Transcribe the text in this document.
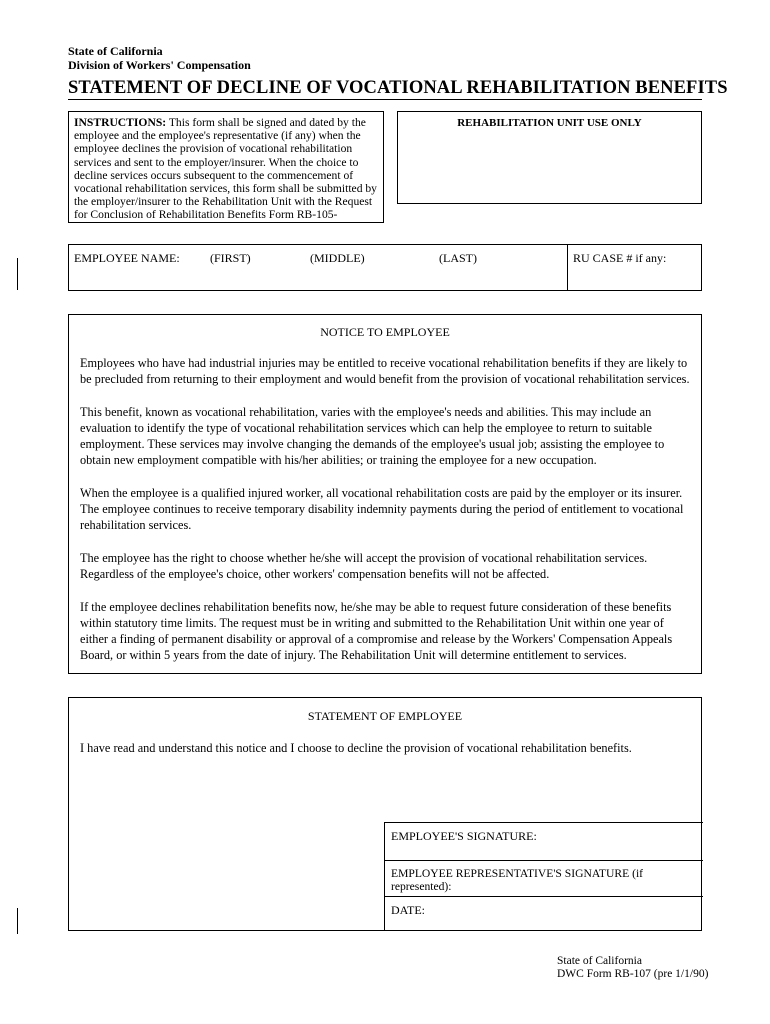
State of California
Division of Workers' Compensation
STATEMENT OF DECLINE OF VOCATIONAL REHABILITATION BENEFITS
INSTRUCTIONS: This form shall be signed and dated by the employee and the employee's representative (if any) when the employee declines the provision of vocational rehabilitation services and sent to the employer/insurer. When the choice to decline services occurs subsequent to the commencement of vocational rehabilitation services, this form shall be submitted by the employer/insurer to the Rehabilitation Unit with the Request for Conclusion of Rehabilitation Benefits Form RB-105-
REHABILITATION UNIT USE ONLY
EMPLOYEE NAME:	(FIRST)	(MIDDLE)	(LAST)	RU CASE # if any:
NOTICE TO EMPLOYEE

Employees who have had industrial injuries may be entitled to receive vocational rehabilitation benefits if they are likely to be precluded from returning to their employment and would benefit from the provision of vocational rehabilitation services.

This benefit, known as vocational rehabilitation, varies with the employee's needs and abilities. This may include an evaluation to identify the type of vocational rehabilitation services which can help the employee to return to suitable employment. These services may involve changing the demands of the employee's usual job; assisting the employee to obtain new employment compatible with his/her abilities; or training the employee for a new occupation.

When the employee is a qualified injured worker, all vocational rehabilitation costs are paid by the employer or its insurer. The employee continues to receive temporary disability indemnity payments during the period of entitlement to vocational rehabilitation services.

The employee has the right to choose whether he/she will accept the provision of vocational rehabilitation services. Regardless of the employee's choice, other workers' compensation benefits will not be affected.

If the employee declines rehabilitation benefits now, he/she may be able to request future consideration of these benefits within statutory time limits. The request must be in writing and submitted to the Rehabilitation Unit within one year of either a finding of permanent disability or approval of a compromise and release by the Workers' Compensation Appeals Board, or within 5 years from the date of injury. The Rehabilitation Unit will determine entitlement to services.

STATEMENT OF EMPLOYEE

I have read and understand this notice and I choose to decline the provision of vocational rehabilitation benefits.

EMPLOYEE'S SIGNATURE:
EMPLOYEE REPRESENTATIVE'S SIGNATURE (if represented):
DATE:
State of California
DWC Form RB-107 (pre 1/1/90)
